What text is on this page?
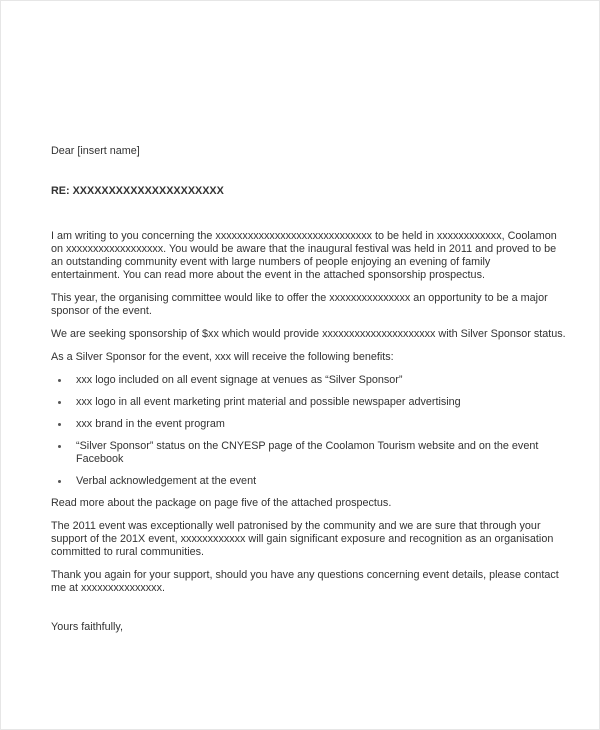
Dear [insert name]
RE: XXXXXXXXXXXXXXXXXXXXX

I am writing to you concerning the xxxxxxxxxxxxxxxxxxxxxxxxxxxxx to be held in xxxxxxxxxxxx, Coolamon on xxxxxxxxxxxxxxxxxx. You would be aware that the inaugural festival was held in 2011 and proved to be an outstanding community event with large numbers of people enjoying an evening of family entertainment. You can read more about the event in the attached sponsorship prospectus.

This year, the organising committee would like to offer the xxxxxxxxxxxxxxx an opportunity to be a major sponsor of the event.

We are seeking sponsorship of $xx which would provide xxxxxxxxxxxxxxxxxxxxx with Silver Sponsor status.

As a Silver Sponsor for the event, xxx will receive the following benefits:

xxx logo included on all event signage at venues as “Silver Sponsor”
xxx logo in all event marketing print material and possible newspaper advertising
xxx brand in the event program
“Silver Sponsor” status on the CNYESP page of the Coolamon Tourism website and on the event Facebook
Verbal acknowledgement at the event

Read more about the package on page five of the attached prospectus.

The 2011 event was exceptionally well patronised by the community and we are sure that through your support of the 201X event, xxxxxxxxxxxx will gain significant exposure and recognition as an organisation committed to rural communities.

Thank you again for your support, should you have any questions concerning event details, please contact me at xxxxxxxxxxxxxxx.

Yours faithfully,
